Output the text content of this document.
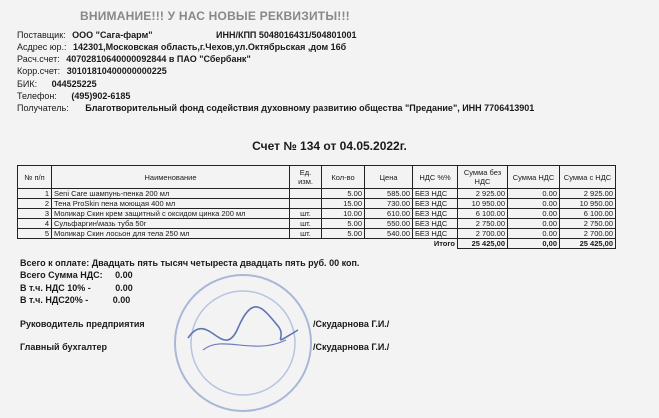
ВНИМАНИЕ!!! У НАС НОВЫЕ РЕКВИЗИТЫ!!!
Поставщик: ООО "Сага-фарм"	ИНН/КПП 5048016431/504801001
Асдрес юр.: 142301,Московская область,г.Чехов,ул.Октябрьская ,дом 16б
Расч.счет: 40702810640000092844 в ПАО "Сбербанк"
Корр.счет: 30101810400000000225
БИК: 044525225
Телефон: (495)902-6185
Получатель: Благотворительный фонд содействия духовному развитию общества "Предание", ИНН 7706413901
Счет № 134 от 04.05.2022г.
№ п/п	Наименование	Ед. изм.	Кол-во	Цена	НДС %%	Сумма без НДС	Сумма НДС	Сумма с НДС
1	Seni Care шампунь-пенка 200 мл		5.00	585.00	БЕЗ НДС	2 925.00	0.00	2 925.00
2	Тена ProSkin пена моющая 400 мл		15.00	730.00	БЕЗ НДС	10 950.00	0.00	10 950.00
3	Моликар Скин крем защитный с оксидом цинка 200 мл	шт.	10.00	610.00	БЕЗ НДС	6 100.00	0.00	6 100.00
4	Сульфаргин\мазь туба 50г	шт.	5.00	550.00	БЕЗ НДС	2 750.00	0.00	2 750.00
5	Моликар Скин лосьон для тела 250 мл	шт.	5.00	540.00	БЕЗ НДС	2 700.00	0.00	2 700.00
Итого						25 425,00	0,00	25 425,00
Всего к оплате: Двадцать пять тысяч четыреста двадцать пять руб. 00 коп.
Всего Сумма НДС: 0.00
В т.ч. НДС 10% -	0.00
В т.ч. НДС20% -	0.00
Руководитель предприятия	/Скударнова Г.И./
Главный бухгалтер	/Скударнова Г.И./
